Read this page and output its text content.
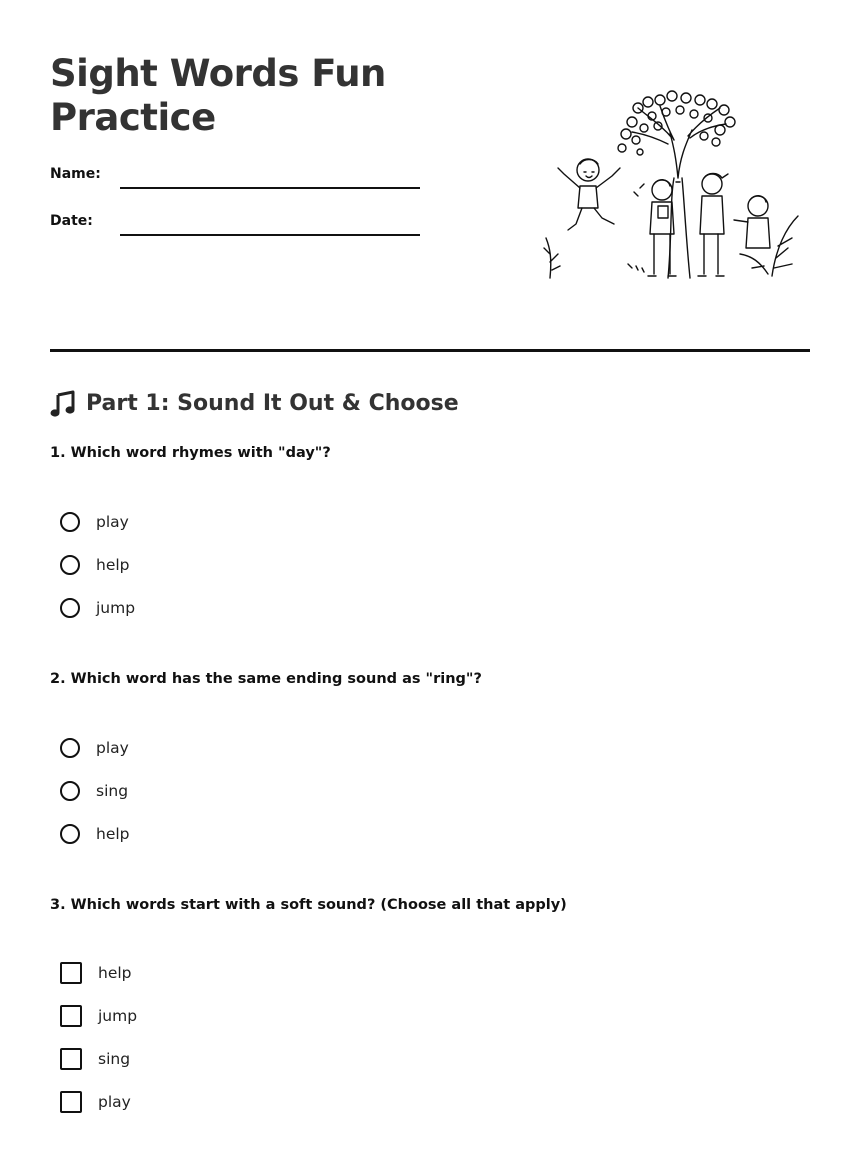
Sight Words Fun Practice
Name:
Date:
Part 1: Sound It Out & Choose

1. Which word rhymes with "day"?

play
help
jump

2. Which word has the same ending sound as "ring"?

play
sing
help

3. Which words start with a soft sound? (Choose all that apply)

help
jump
sing
play
